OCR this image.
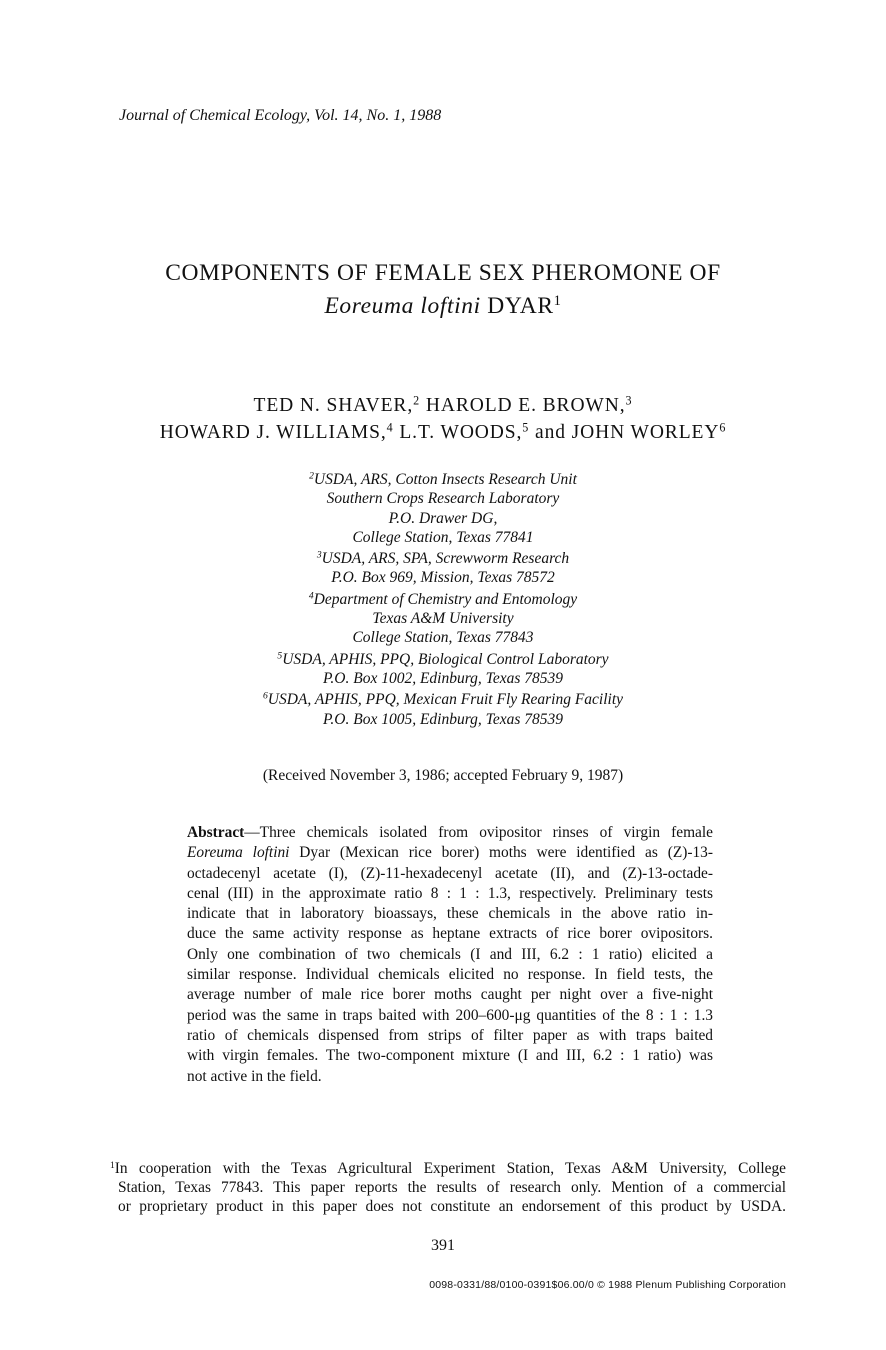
Journal of Chemical Ecology, Vol. 14, No. 1, 1988
COMPONENTS OF FEMALE SEX PHEROMONE OF
Eoreuma loftini DYAR$^1$
TED N. SHAVER,$^2$ HAROLD E. BROWN,$^3$
HOWARD J. WILLIAMS,$^4$ L.T. WOODS,$^5$ and JOHN WORLEY$^6$
$^2$USDA, ARS, Cotton Insects Research Unit
Southern Crops Research Laboratory
P.O. Drawer DG,
College Station, Texas 77841
$^3$USDA, ARS, SPA, Screwworm Research
P.O. Box 969, Mission, Texas 78572
$^4$Department of Chemistry and Entomology
Texas A&M University
College Station, Texas 77843
$^5$USDA, APHIS, PPQ, Biological Control Laboratory
P.O. Box 1002, Edinburg, Texas 78539
$^6$USDA, APHIS, PPQ, Mexican Fruit Fly Rearing Facility
P.O. Box 1005, Edinburg, Texas 78539
(Received November 3, 1986; accepted February 9, 1987)
Abstract—Three chemicals isolated from ovipositor rinses of virgin female
Eoreuma loftini Dyar (Mexican rice borer) moths were identified as (Z)-13-
octadecenyl acetate (I), (Z)-11-hexadecenyl acetate (II), and (Z)-13-octade-
cenal (III) in the approximate ratio 8 : 1 : 1.3, respectively. Preliminary tests
indicate that in laboratory bioassays, these chemicals in the above ratio in-
duce the same activity response as heptane extracts of rice borer ovipositors.
Only one combination of two chemicals (I and III, 6.2 : 1 ratio) elicited a
similar response. Individual chemicals elicited no response. In field tests, the
average number of male rice borer moths caught per night over a five-night
period was the same in traps baited with 200–600-μg quantities of the 8 : 1 : 1.3
ratio of chemicals dispensed from strips of filter paper as with traps baited
with virgin females. The two-component mixture (I and III, 6.2 : 1 ratio) was
not active in the field.
$^1$In cooperation with the Texas Agricultural Experiment Station, Texas A&M University, College
Station, Texas 77843. This paper reports the results of research only. Mention of a commercial
or proprietary product in this paper does not constitute an endorsement of this product by USDA.
391
0098-0331/88/0100-0391$06.00/0 © 1988 Plenum Publishing Corporation
